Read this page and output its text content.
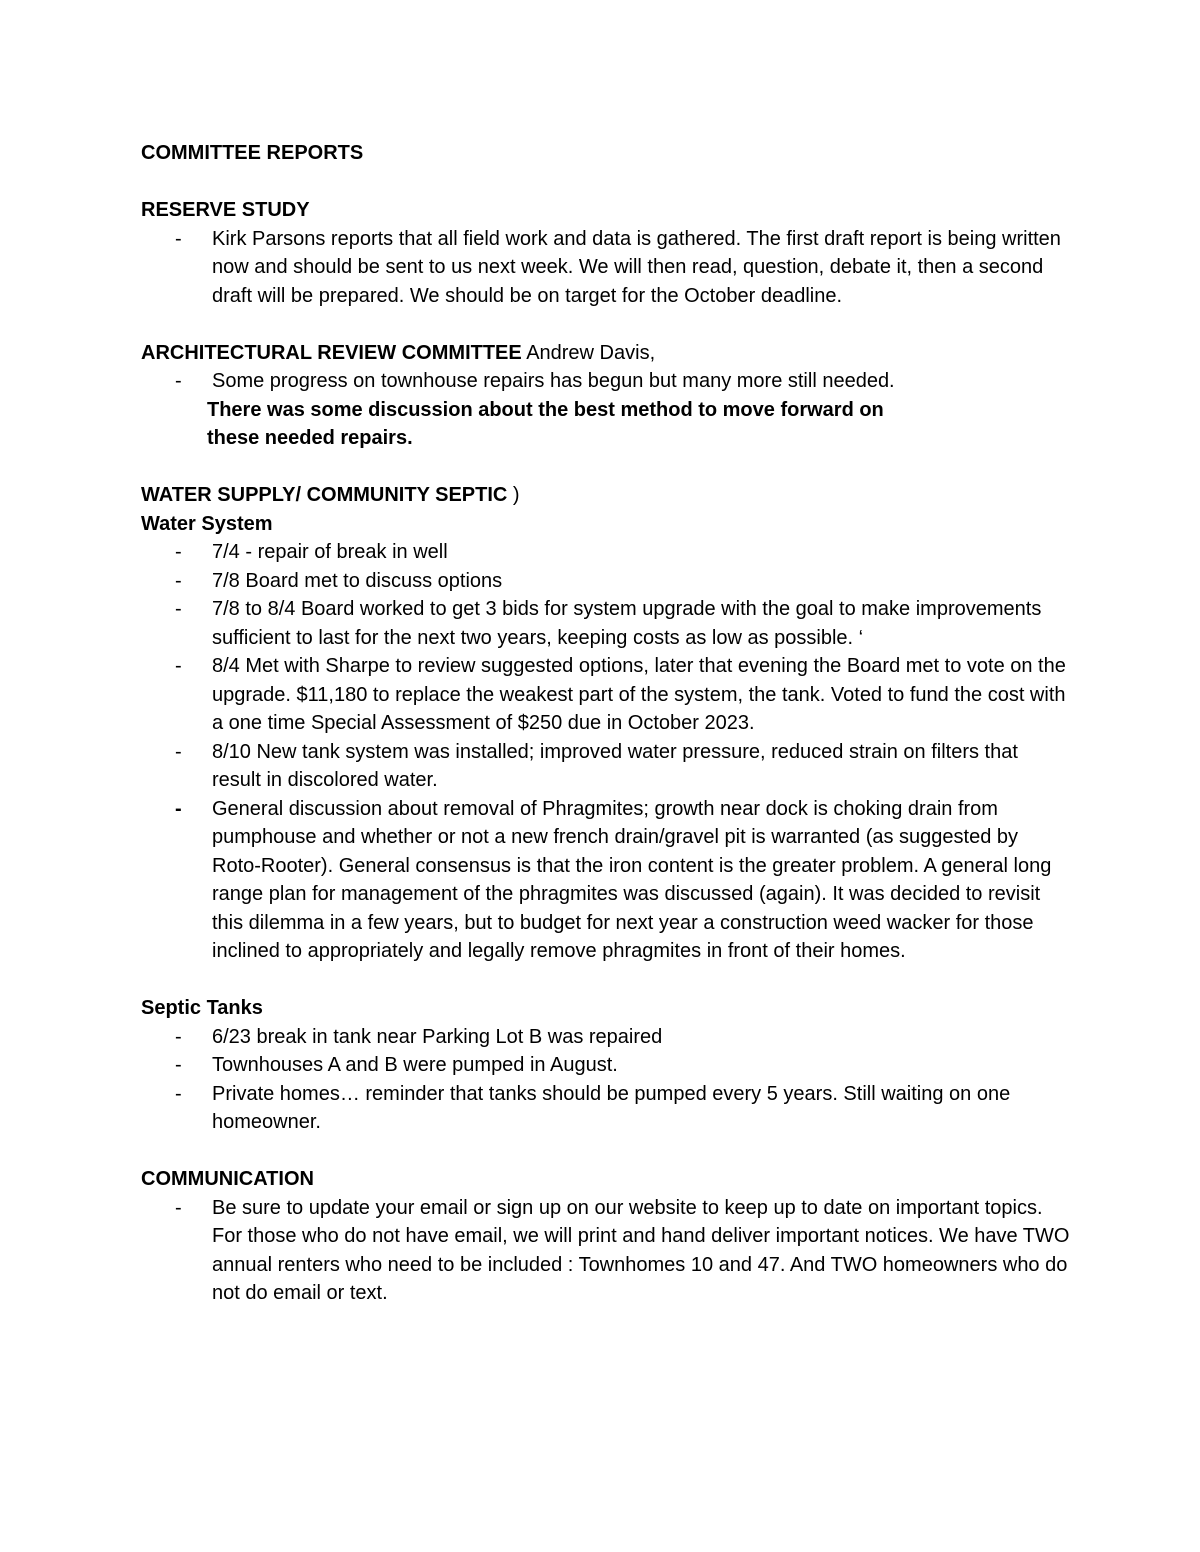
COMMITTEE REPORTS
RESERVE STUDY
- Kirk Parsons reports that all field work and data is gathered. The first draft report is being written now and should be sent to us next week. We will then read, question, debate it, then a second draft will be prepared. We should be on target for the October deadline.
ARCHITECTURAL REVIEW COMMITTEE Andrew Davis,
- Some progress on townhouse repairs has begun but many more still needed.
There was some discussion about the best method to move forward on these needed repairs.
WATER SUPPLY/ COMMUNITY SEPTIC )
Water System
- 7/4 - repair of break in well
- 7/8 Board met to discuss options
- 7/8 to 8/4 Board worked to get 3 bids for system upgrade with the goal to make improvements sufficient to last for the next two years, keeping costs as low as possible. ‘
- 8/4 Met with Sharpe to review suggested options, later that evening the Board met to vote on the upgrade. $11,180 to replace the weakest part of the system, the tank. Voted to fund the cost with a one time Special Assessment of $250 due in October 2023.
- 8/10 New tank system was installed; improved water pressure, reduced strain on filters that result in discolored water.
- General discussion about removal of Phragmites; growth near dock is choking drain from pumphouse and whether or not a new french drain/gravel pit is warranted (as suggested by Roto-Rooter). General consensus is that the iron content is the greater problem. A general long range plan for management of the phragmites was discussed (again). It was decided to revisit this dilemma in a few years, but to budget for next year a construction weed wacker for those inclined to appropriately and legally remove phragmites in front of their homes.
Septic Tanks
- 6/23 break in tank near Parking Lot B was repaired
- Townhouses A and B were pumped in August.
- Private homes… reminder that tanks should be pumped every 5 years. Still waiting on one homeowner.
COMMUNICATION
- Be sure to update your email or sign up on our website to keep up to date on important topics. For those who do not have email, we will print and hand deliver important notices. We have TWO annual renters who need to be included : Townhomes 10 and 47. And TWO homeowners who do not do email or text.
